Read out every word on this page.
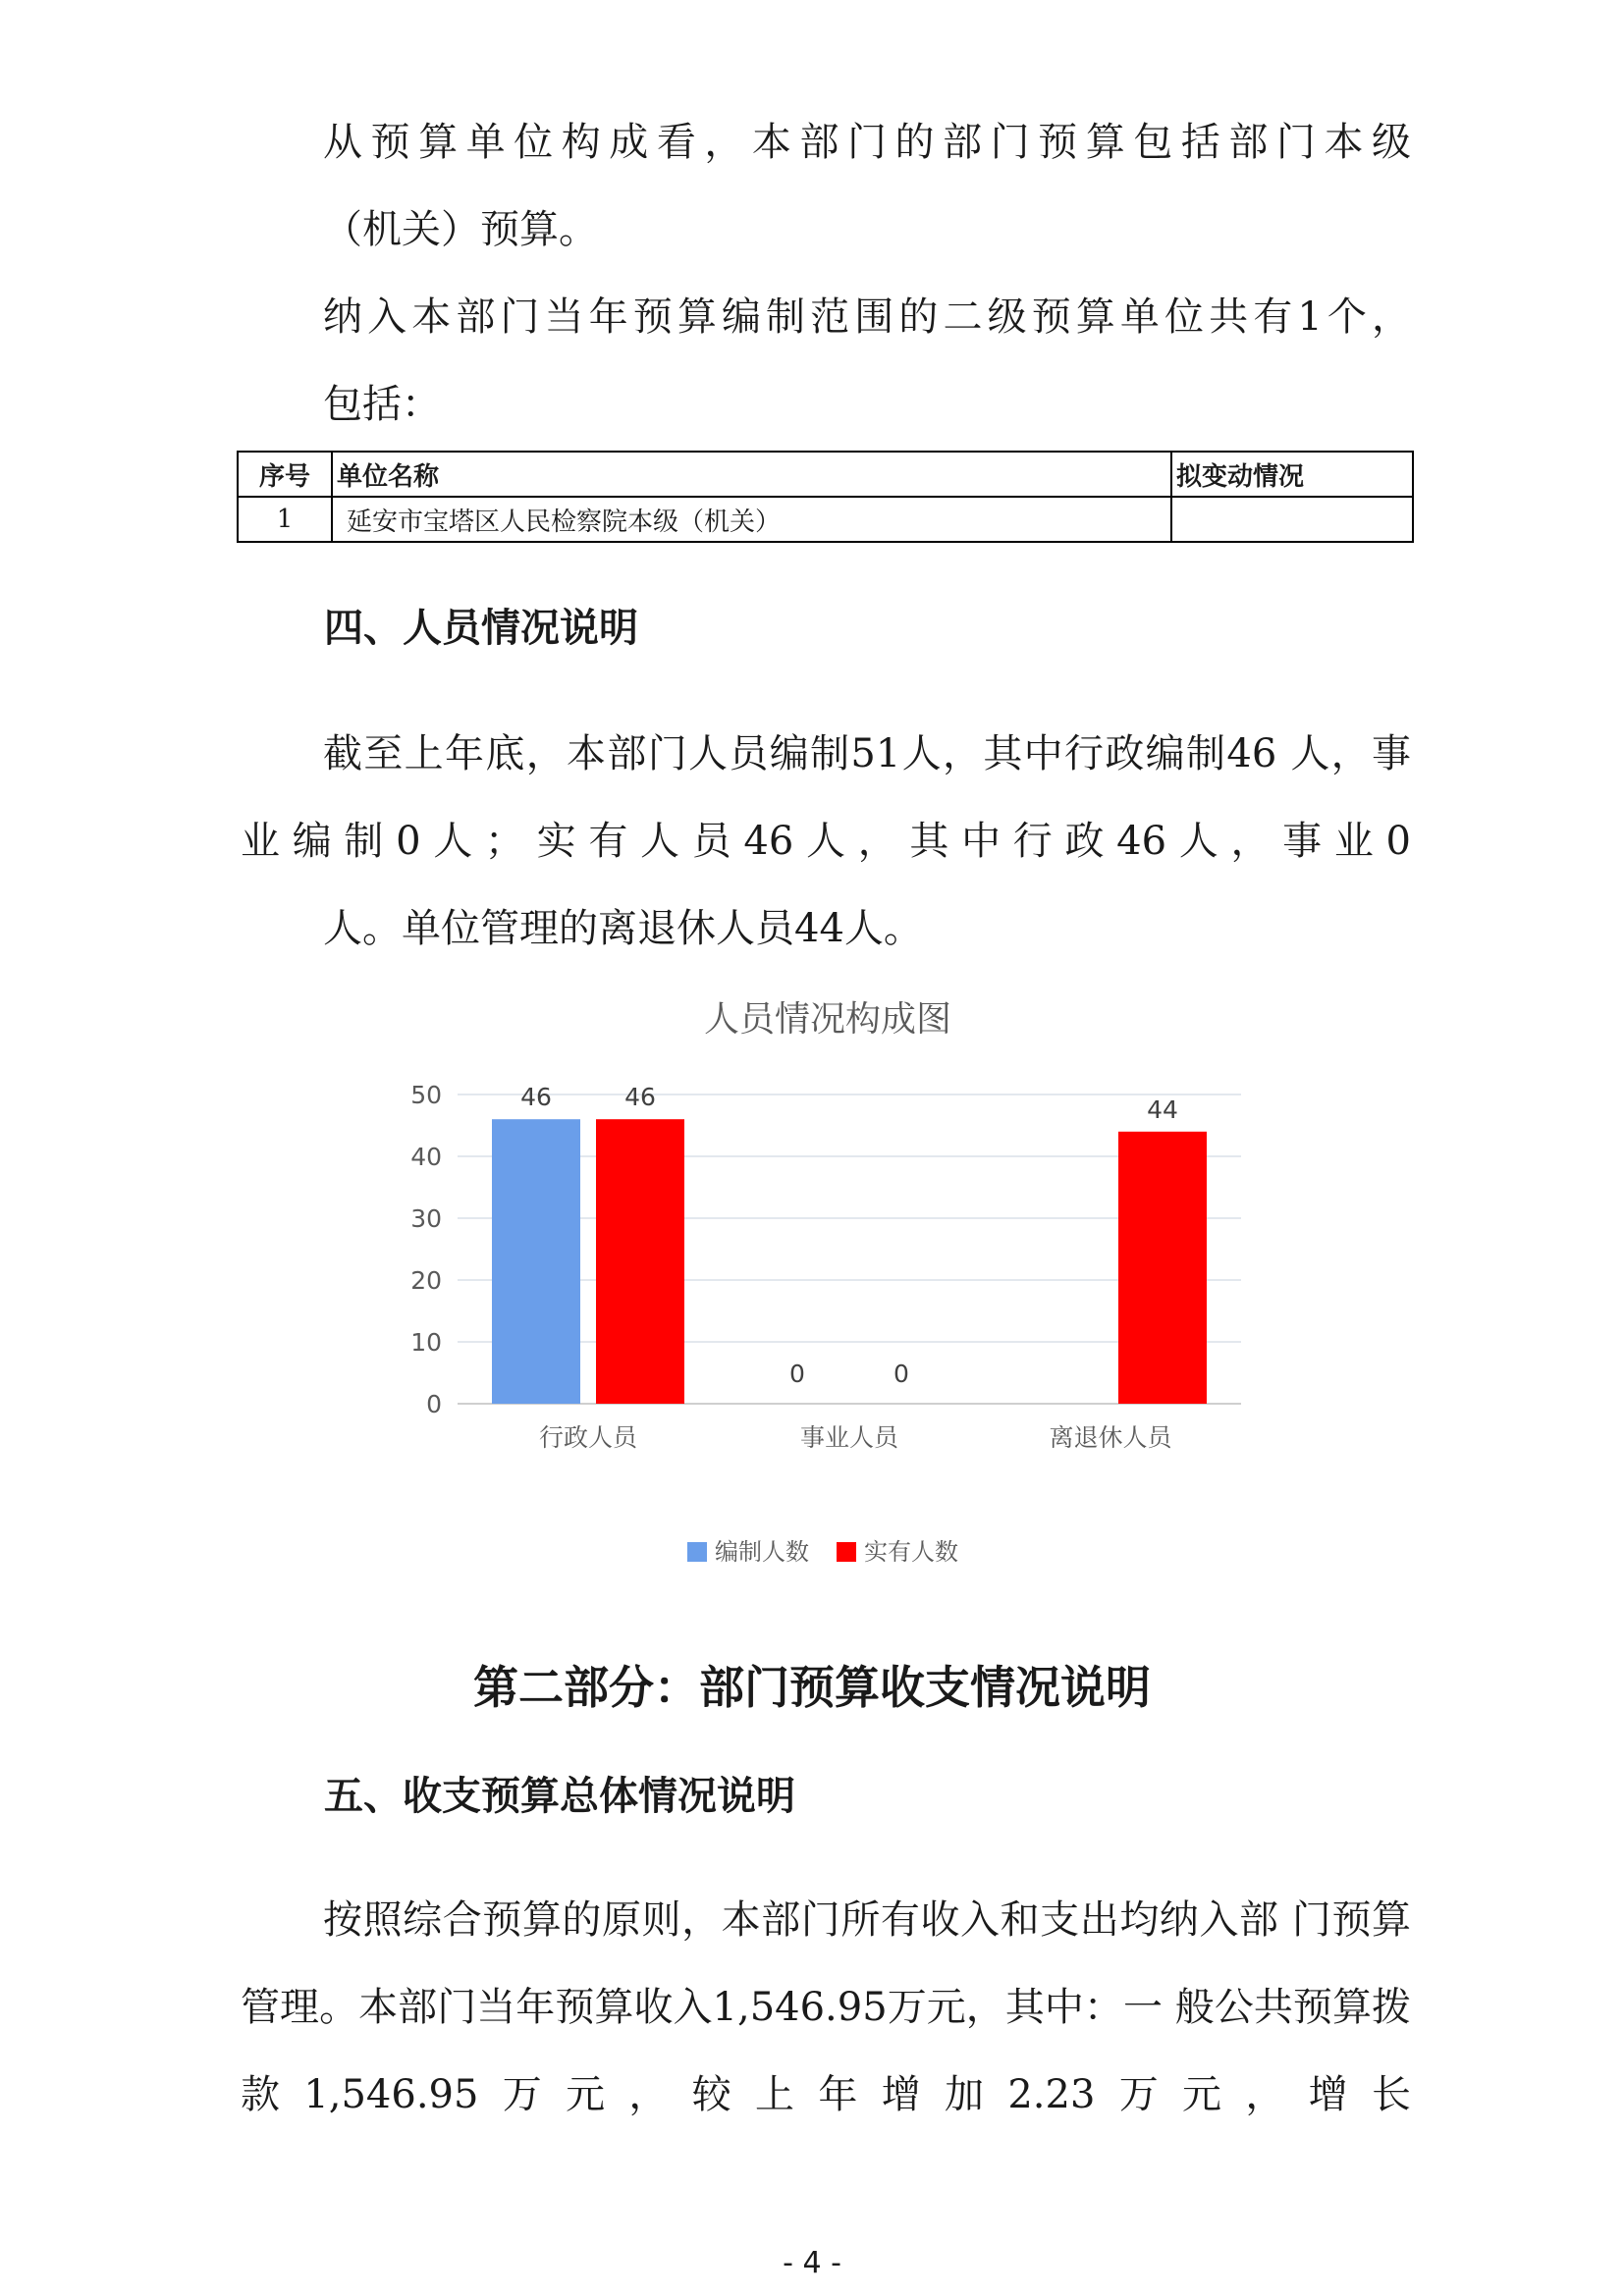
从预算单位构成看，本部门的部门预算包括部门本级
（机关）预算。

纳入本部门当年预算编制范围的二级预算单位共有1个，
包括：

序号	单位名称	拟变动情况
1	延安市宝塔区人民检察院本级（机关）	
四、人员情况说明

截至上年底，本部门人员编制51人，其中行政编制46 人，事业编制0人；实有人员46人，其中行政46人，事业0
人。单位管理的离退休人员44人。

人员情况构成图
0
10
20
30
40
50	46	46
行政人员
0	0
事业人员
44
离退休人员
编制人数 实有人数
第二部分：部门预算收支情况说明
五、收支预算总体情况说明

按照综合预算的原则，本部门所有收入和支出均纳入部 门预算管理。本部门当年预算收入1,546.95万元，其中：一 般公共预算拨款1,546.95万元，较上年增加2.23万元，增长

- 4 -
